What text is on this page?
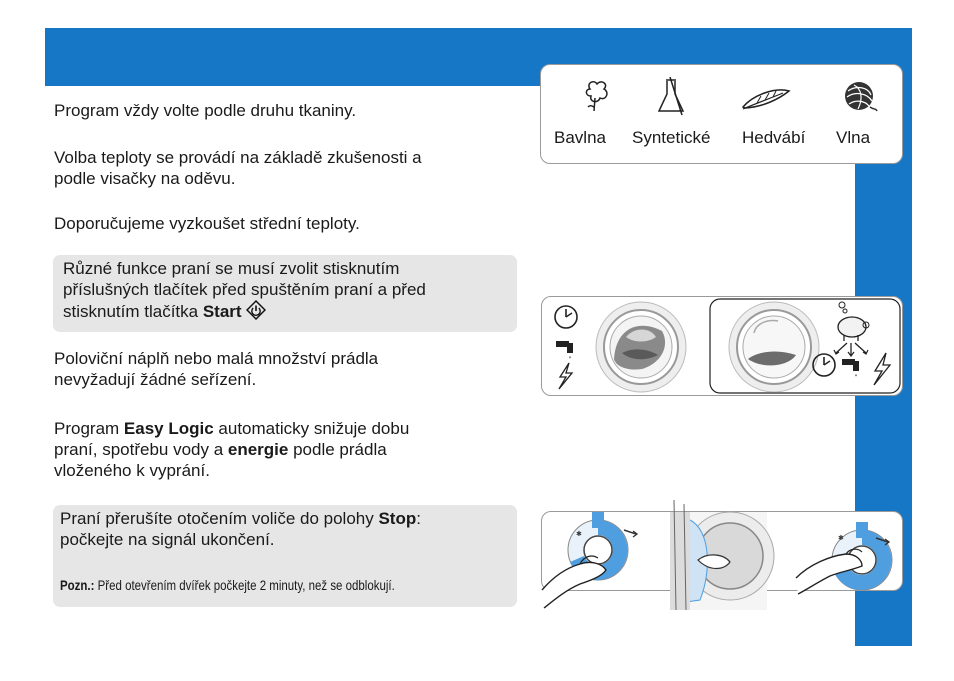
Program vždy volte podle druhu tkaniny.

Volba teploty se provádí na základě zkušenosti a
podle visačky na oděvu.

Doporučujeme vyzkoušet střední teploty.

Různé funkce praní se musí zvolit stisknutím
příslušných tlačítek před spuštěním praní a před
stisknutím tlačítka Start

Poloviční náplň nebo malá množství prádla
nevyžadují žádné seřízení.

Program Easy Logic automaticky snižuje dobu
praní, spotřebu vody a energie podle prádla
vloženého k vyprání.

Praní přerušíte otočením voliče do polohy Stop:
počkejte na signál ukončení.

Pozn.: Před otevřením dvířek počkejte 2 minuty, než se odblokují.
Bavlna Syntetické Hedvábí Vlna
✱
✱
